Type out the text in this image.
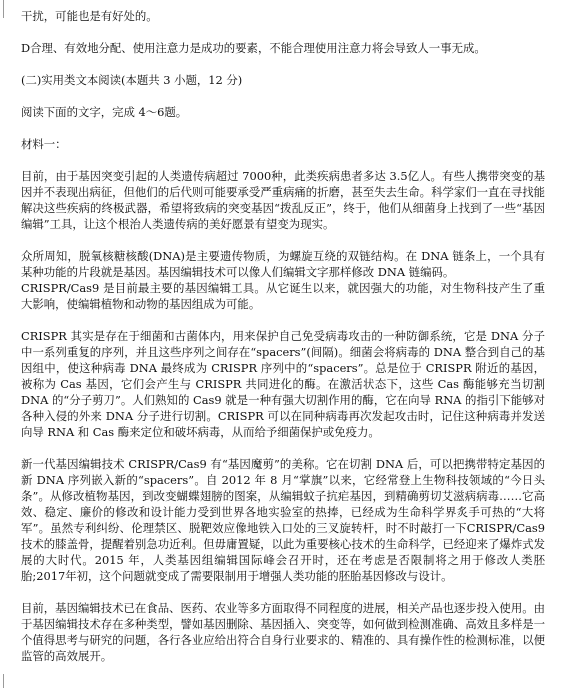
干扰，可能也是有好处的。

D合理、有效地分配、使用注意力是成功的要素，不能合理使用注意力将会导致人一事无成。

(二)实用类文本阅读(本题共 3 小题，12 分)

阅读下面的文字，完成 4～6题。

材料一：

目前，由于基因突变引起的人类遗传病超过 7000种，此类疾病患者多达 3.5亿人。有些人携带突变的基因并不表现出病征，但他们的后代则可能要承受严重病痛的折磨，甚至失去生命。科学家们一直在寻找能解决这些疾病的终极武器，希望将致病的突变基因“拨乱反正”，终于，他们从细菌身上找到了一些“基因编辑”工具，让这个根治人类遗传病的美好愿景有望变为现实。

众所周知，脱氧核糖核酸(DNA)是主要遗传物质，为螺旋互绕的双链结构。在 DNA 链条上，一个具有某种功能的片段就是基因。基因编辑技术可以像人们编辑文字那样修改 DNA 链编码。

CRISPR/Cas9 是目前最主要的基因编辑工具。从它诞生以来，就因强大的功能，对生物科技产生了重大影响，使编辑植物和动物的基因组成为可能。

CRISPR 其实是存在于细菌和古菌体内，用来保护自己免受病毒攻击的一种防御系统，它是 DNA 分子中一系列重复的序列，并且这些序列之间存在“spacers”(间隔)。细菌会将病毒的 DNA 整合到自己的基因组中，使这种病毒 DNA 最终成为 CRISPR 序列中的“spacers”。总是位于 CRISPR 附近的基因，被称为 Cas 基因，它们会产生与 CRISPR 共同进化的酶。在激活状态下，这些 Cas 酶能够充当切割 DNA 的“分子剪刀”。人们熟知的 Cas9 就是一种有强大切割作用的酶，它在向导 RNA 的指引下能够对各种入侵的外来 DNA 分子进行切割。CRISPR 可以在同种病毒再次发起攻击时，记住这种病毒并发送向导 RNA 和 Cas 酶来定位和破坏病毒，从而给予细菌保护或免疫力。

新一代基因编辑技术 CRISPR/Cas9 有“基因魔剪”的美称。它在切割 DNA 后，可以把携带特定基因的新 DNA 序列嵌入新的“spacers”。自 2012 年 8 月“掌旗”以来，它经常登上生物科技领域的“今日头条”。从修改植物基因，到改变蝴蝶翅膀的图案，从编辑蚊子抗疟基因，到精确剪切艾滋病病毒……它高效、稳定、廉价的修改和设计能力受到世界各地实验室的热捧，已经成为生命科学界炙手可热的“大将军”。虽然专利纠纷、伦理禁区、脱靶效应像地铁入口处的三叉旋转杆，时不时敲打一下CRISPR/Cas9 技术的膝盖骨，提醒着别急功近利。但毋庸置疑，以此为重要核心技术的生命科学，已经迎来了爆炸式发展的大时代。2015 年，人类基因组编辑国际峰会召开时，还在考虑是否限制将之用于修改人类胚胎;2017年初，这个问题就变成了需要限制用于增强人类功能的胚胎基因修改与设计。

目前，基因编辑技术已在食品、医药、农业等多方面取得不同程度的进展，相关产品也逐步投入使用。由于基因编辑技术存在多种类型，譬如基因删除、基因插入、突变等，如何做到检测准确、高效且多样是一个值得思考与研究的问题，各行各业应给出符合自身行业要求的、精准的、具有操作性的检测标准，以便监管的高效展开。
